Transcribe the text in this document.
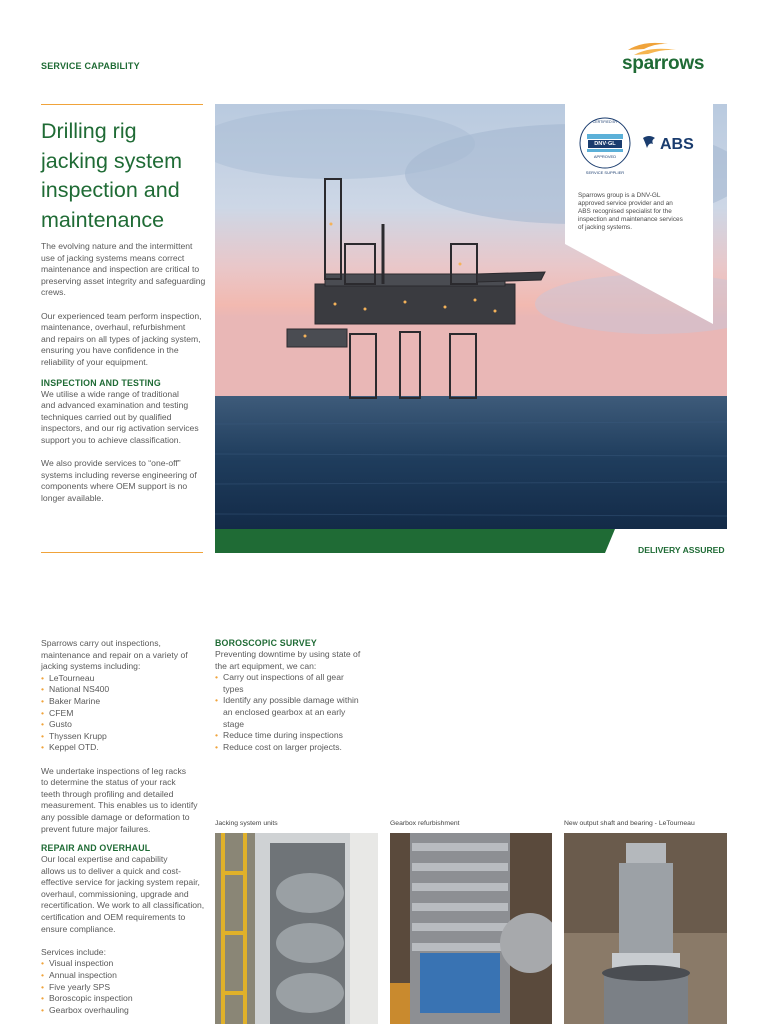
SERVICE CAPABILITY	sparrows
Drilling rig
jacking system
inspection and
maintenance

The evolving nature and the intermittent
use of jacking systems means correct
maintenance and inspection are critical to
preserving asset integrity and safeguarding
crews.

Our experienced team perform inspection,
maintenance, overhaul, refurbishment
and repairs on all types of jacking system,
ensuring you have confidence in the
reliability of your equipment.

INSPECTION AND TESTING

We utilise a wide range of traditional
and advanced examination and testing
techniques carried out by qualified
inspectors, and our rig activation services
support you to achieve classification.

We also provide services to “one-off”
systems including reverse engineering of
components where OEM support is no
longer available.

CERTIFIED BY
DNV·GL
APPROVED
SERVICE SUPPLIER
ABS
Sparrows group is a DNV-GL
approved service provider and an
ABS recognised specialist for the
inspection and maintenance services
of jacking systems.
DELIVERY ASSURED

Sparrows carry out inspections,
maintenance and repair on a variety of
jacking systems including:

• LeTourneau
• National NS400
• Baker Marine
• CFEM
• Gusto
• Thyssen Krupp
• Keppel OTD.

We undertake inspections of leg racks
to determine the status of your rack
teeth through profiling and detailed
measurement. This enables us to identify
any possible damage or deformation to
prevent future major failures.

REPAIR AND OVERHAUL

Our local expertise and capability
allows us to deliver a quick and cost-
effective service for jacking system repair,
overhaul, commissioning, upgrade and
recertification. We work to all classification,
certification and OEM requirements to
ensure compliance.

Services include:

• Visual inspection
• Annual inspection
• Five yearly SPS
• Boroscopic inspection
• Gearbox overhauling

BOROSCOPIC SURVEY

Preventing downtime by using state of
the art equipment, we can:

• Carry out inspections of all gear
types
• Identify any possible damage within
an enclosed gearbox at an early
stage
• Reduce time during inspections
• Reduce cost on larger projects.
Jacking system units	Gearbox refurbishment	New output shaft and bearing - LeTourneau
